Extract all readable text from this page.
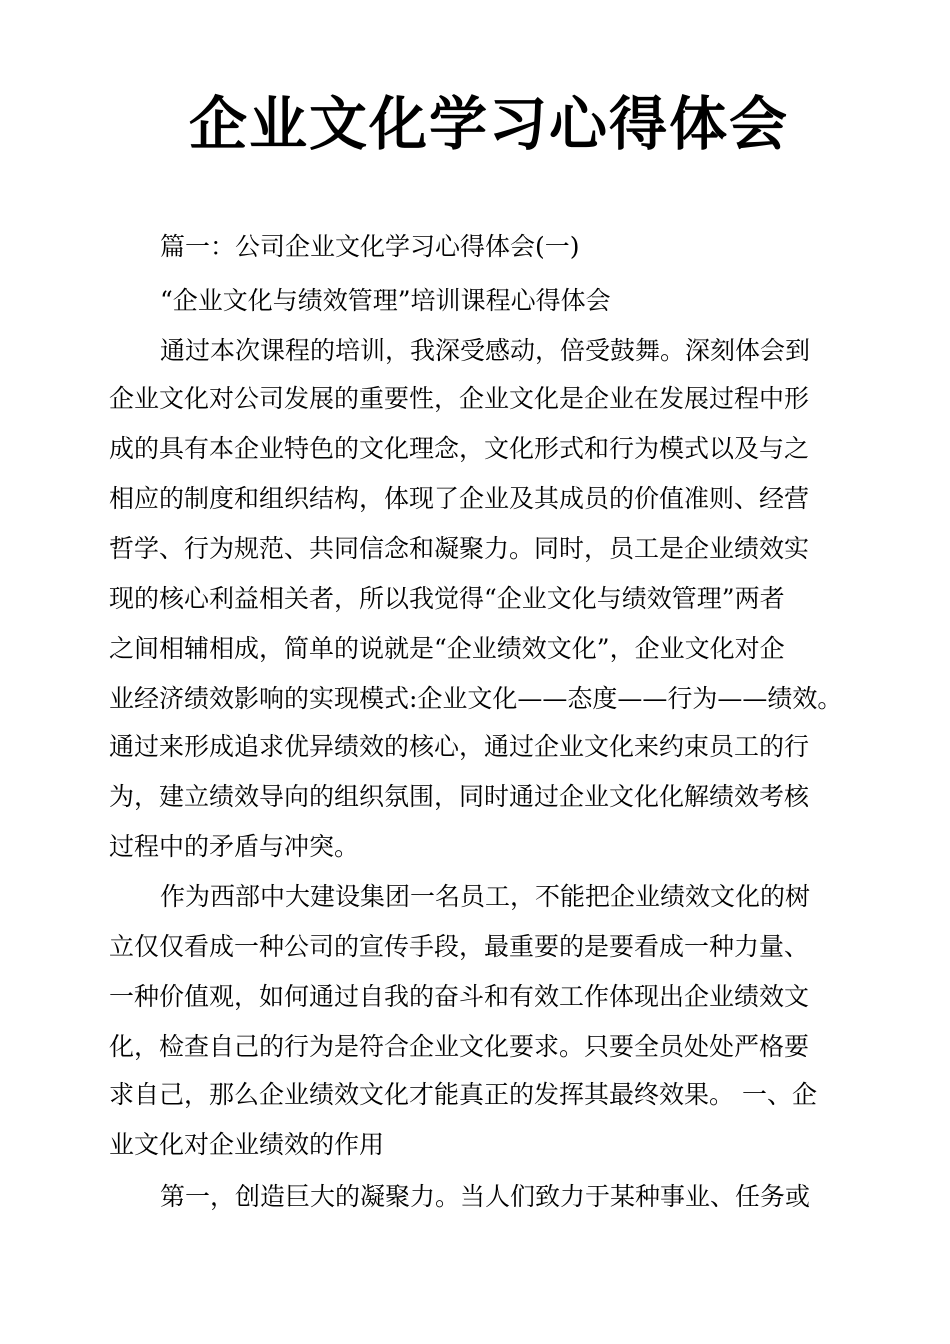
企业文化学习心得体会

篇一：公司企业文化学习心得体会(一)

“企业文化与绩效管理”培训课程心得体会

通过本次课程的培训，我深受感动，倍受鼓舞。深刻体会到

企业文化对公司发展的重要性，企业文化是企业在发展过程中形

成的具有本企业特色的文化理念，文化形式和行为模式以及与之

相应的制度和组织结构，体现了企业及其成员的价值准则、经营

哲学、行为规范、共同信念和凝聚力。同时，员工是企业绩效实

现的核心利益相关者，所以我觉得“企业文化与绩效管理”两者

之间相辅相成，简单的说就是“企业绩效文化”，企业文化对企

业经济绩效影响的实现模式:企业文化——态度——行为——绩效。

通过来形成追求优异绩效的核心，通过企业文化来约束员工的行

为，建立绩效导向的组织氛围，同时通过企业文化化解绩效考核

过程中的矛盾与冲突。

作为西部中大建设集团一名员工，不能把企业绩效文化的树

立仅仅看成一种公司的宣传手段，最重要的是要看成一种力量、

一种价值观，如何通过自我的奋斗和有效工作体现出企业绩效文

化，检查自己的行为是符合企业文化要求。只要全员处处严格要

求自己，那么企业绩效文化才能真正的发挥其最终效果。 一、企

业文化对企业绩效的作用

第一，创造巨大的凝聚力。当人们致力于某种事业、任务或
